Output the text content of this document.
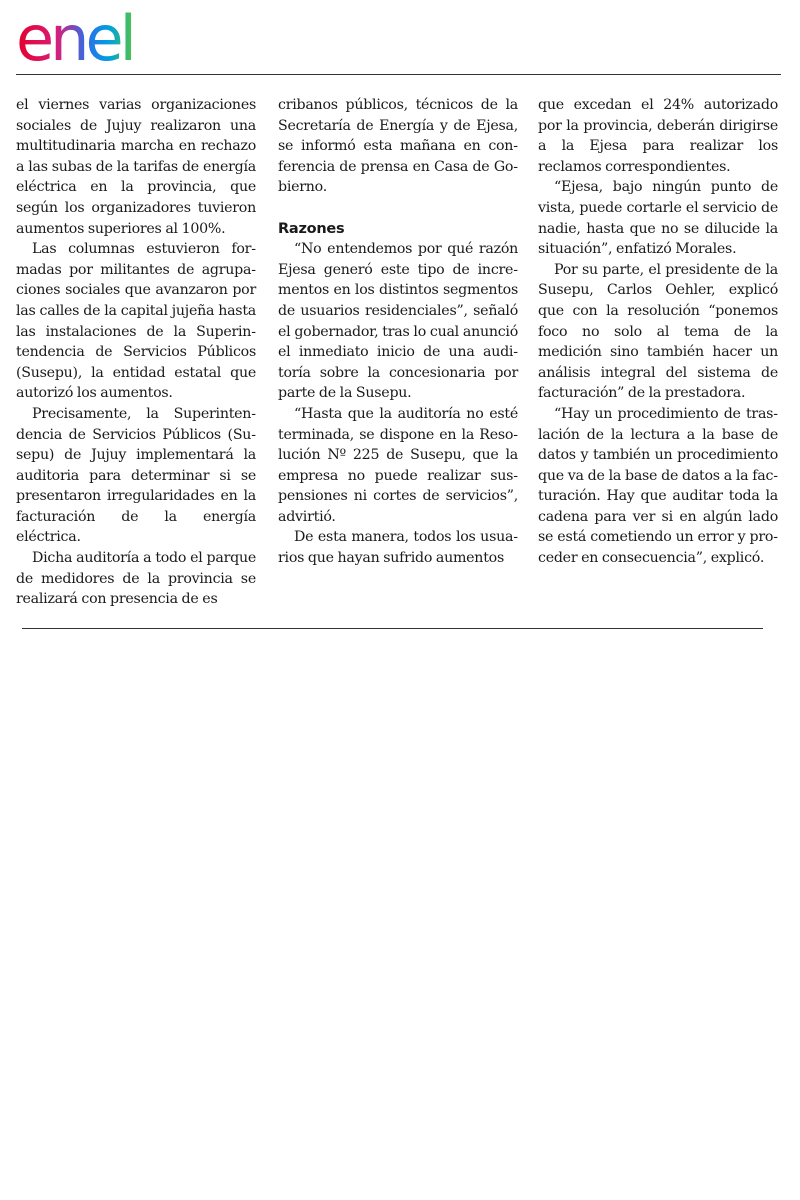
enel

el viernes varias organizaciones sociales de Jujuy realizaron una multitudinaria marcha en rechazo a las subas de la tarifas de energía eléctrica en la provincia, que según los organizadores tuvieron aumentos superiores al 100%.

Las columnas estuvieron formadas por militantes de agrupaciones sociales que avanzaron por las calles de la capital jujeña hasta las instalaciones de la Superintendencia de Servicios Públicos (Susepu), la entidad estatal que autorizó los aumentos.

Precisamente, la Superintendencia de Servicios Públicos (Susepu) de Jujuy implementará la auditoria para determinar si se presentaron irregularidades en la facturación de la energía eléctrica.

Dicha auditoría a todo el parque de medidores de la provincia se realizará con presencia de es

cribanos públicos, técnicos de la Secretaría de Energía y de Ejesa, se informó esta mañana en conferencia de prensa en Casa de Gobierno.

Razones

“No entendemos por qué razón Ejesa generó este tipo de incrementos en los distintos segmentos de usuarios residenciales”, señaló el gobernador, tras lo cual anunció el inmediato inicio de una auditoría sobre la concesionaria por parte de la Susepu.

“Hasta que la auditoría no esté terminada, se dispone en la Resolución Nº 225 de Susepu, que la empresa no puede realizar suspensiones ni cortes de servicios”, advirtió.

De esta manera, todos los usuarios que hayan sufrido aumentos

que excedan el 24% autorizado por la provincia, deberán dirigirse a la Ejesa para realizar los reclamos correspondientes.

“Ejesa, bajo ningún punto de vista, puede cortarle el servicio de nadie, hasta que no se dilucide la situación”, enfatizó Morales.

Por su parte, el presidente de la Susepu, Carlos Oehler, explicó que con la resolución “ponemos foco no solo al tema de la medición sino también hacer un análisis integral del sistema de facturación” de la prestadora.

“Hay un procedimiento de traslación de la lectura a la base de datos y también un procedimiento que va de la base de datos a la facturación. Hay que auditar toda la cadena para ver si en algún lado se está cometiendo un error y proceder en consecuencia”, explicó.
